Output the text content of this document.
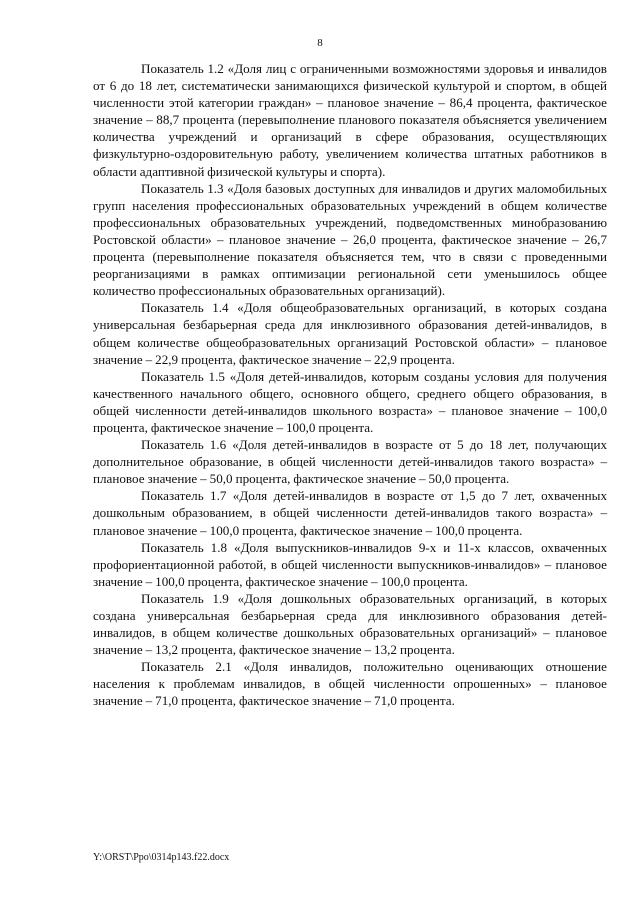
8

Показатель 1.2 «Доля лиц с ограниченными возможностями здоровья и инвалидов от 6 до 18 лет, систематически занимающихся физической культурой и спортом, в общей численности этой категории граждан» – плановое значение – 86,4 процента, фактическое значение – 88,7 процента (перевыполнение планового показателя объясняется увеличением количества учреждений и организаций в сфере образования, осуществляющих физкультурно-оздоровительную работу, увеличением количества штатных работников в области адаптивной физической культуры и спорта).

Показатель 1.3 «Доля базовых доступных для инвалидов и других маломобильных групп населения профессиональных образовательных учреждений в общем количестве профессиональных образовательных учреждений, подведомственных минобразованию Ростовской области» – плановое значение – 26,0 процента, фактическое значение – 26,7 процента (перевыполнение показателя объясняется тем, что в связи с проведенными реорганизациями в рамках оптимизации региональной сети уменьшилось общее количество профессиональных образовательных организаций).

Показатель 1.4 «Доля общеобразовательных организаций, в которых создана универсальная безбарьерная среда для инклюзивного образования детей-инвалидов, в общем количестве общеобразовательных организаций Ростовской области» – плановое значение – 22,9 процента, фактическое значение – 22,9 процента.

Показатель 1.5 «Доля детей-инвалидов, которым созданы условия для получения качественного начального общего, основного общего, среднего общего образования, в общей численности детей-инвалидов школьного возраста» – плановое значение – 100,0 процента, фактическое значение – 100,0 процента.

Показатель 1.6 «Доля детей-инвалидов в возрасте от 5 до 18 лет, получающих дополнительное образование, в общей численности детей-инвалидов такого возраста» – плановое значение – 50,0 процента, фактическое значение – 50,0 процента.

Показатель 1.7 «Доля детей-инвалидов в возрасте от 1,5 до 7 лет, охваченных дошкольным образованием, в общей численности детей-инвалидов такого возраста» – плановое значение – 100,0 процента, фактическое значение – 100,0 процента.

Показатель 1.8 «Доля выпускников-инвалидов 9-х и 11-х классов, охваченных профориентационной работой, в общей численности выпускников-инвалидов» – плановое значение – 100,0 процента, фактическое значение – 100,0 процента.

Показатель 1.9 «Доля дошкольных образовательных организаций, в которых создана универсальная безбарьерная среда для инклюзивного образования детей-инвалидов, в общем количестве дошкольных образовательных организаций» – плановое значение – 13,2 процента, фактическое значение – 13,2 процента.

Показатель 2.1 «Доля инвалидов, положительно оценивающих отношение населения к проблемам инвалидов, в общей численности опрошенных» – плановое значение – 71,0 процента, фактическое значение – 71,0 процента.

Y:\ORST\Ppo\0314p143.f22.docx
